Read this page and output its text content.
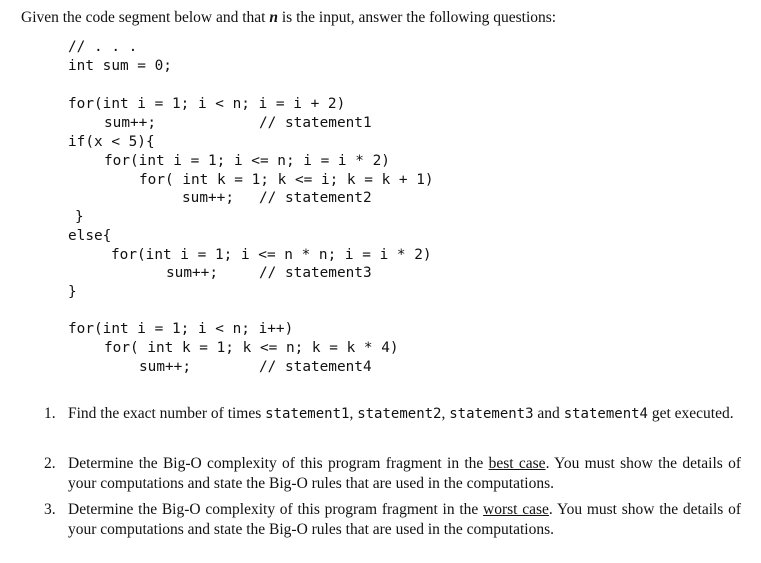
Given the code segment below and that n is the input, answer the following questions:
// . . .
int sum = 0;
for(int i = 1; i < n; i = i + 2)
sum++;	// statement1
if(x < 5){
for(int i = 1; i <= n; i = i * 2)
for( int k = 1; k <= i; k = k + 1)
sum++; // statement2
}
else{
for(int i = 1; i <= n * n; i = i * 2)
sum++;	// statement3
}
for(int i = 1; i < n; i++)
for( int k = 1; k <= n; k = k * 4)
sum++;	// statement4
1. Find the exact number of times statement1, statement2, statement3 and statement4 get executed.
2. Determine the Big-O complexity of this program fragment in the best case. You must show the details of your computations and state the Big-O rules that are used in the computations.
3. Determine the Big-O complexity of this program fragment in the worst case. You must show the details of your computations and state the Big-O rules that are used in the computations.
